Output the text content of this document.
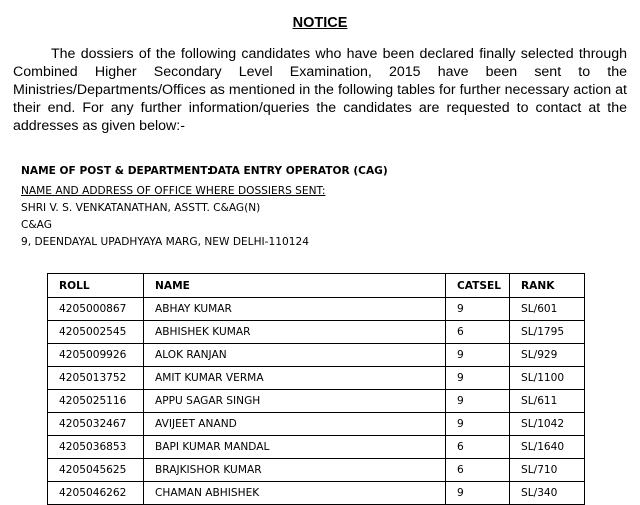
NOTICE

The dossiers of the following candidates who have been declared finally selected through Combined Higher Secondary Level Examination, 2015 have been sent to the Ministries/Departments/Offices as mentioned in the following tables for further necessary action at their end. For any further information/queries the candidates are requested to contact at the addresses as given below:-

NAME OF POST & DEPARTMENT:
DATA ENTRY OPERATOR (CAG)
NAME AND ADDRESS OF OFFICE WHERE DOSSIERS SENT:
SHRI V. S. VENKATANATHAN, ASSTT. C&AG(N)
C&AG
9, DEENDAYAL UPADHYAYA MARG, NEW DELHI-110124
ROLL	NAME	CATSEL	RANK
4205000867	ABHAY KUMAR	9	SL/601
4205002545	ABHISHEK KUMAR	6	SL/1795
4205009926	ALOK RANJAN	9	SL/929
4205013752	AMIT KUMAR VERMA	9	SL/1100
4205025116	APPU SAGAR SINGH	9	SL/611
4205032467	AVIJEET ANAND	9	SL/1042
4205036853	BAPI KUMAR MANDAL	6	SL/1640
4205045625	BRAJKISHOR KUMAR	6	SL/710
4205046262	CHAMAN ABHISHEK	9	SL/340
